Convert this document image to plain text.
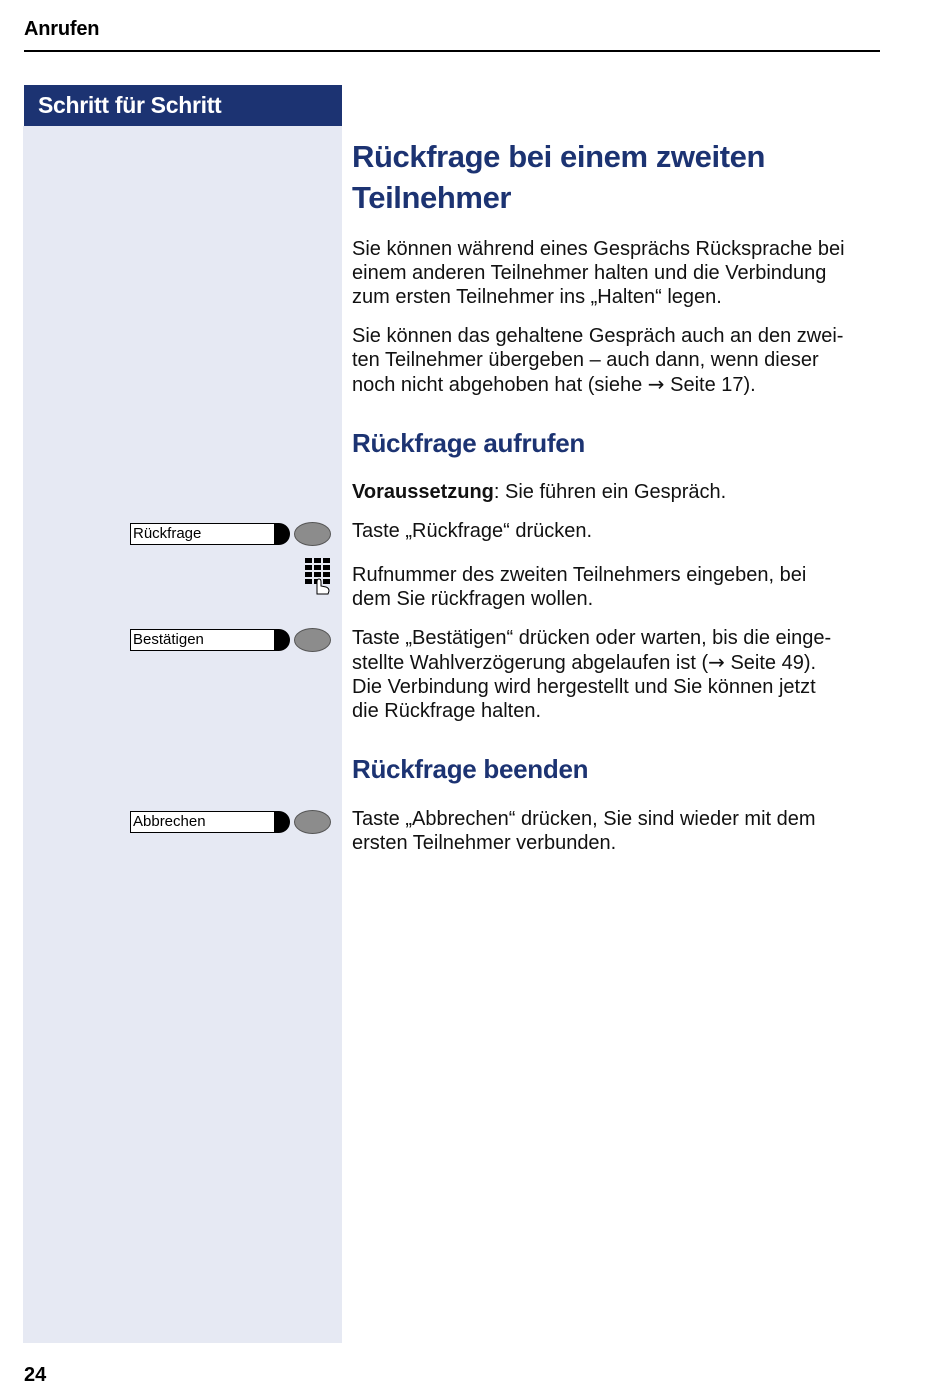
Anrufen
Schritt für Schritt
Rückfrage bei einem zweiten
Teilnehmer

Sie können während eines Gesprächs Rücksprache bei
einem anderen Teilnehmer halten und die Verbindung
zum ersten Teilnehmer ins „Halten“ legen.

Sie können das gehaltene Gespräch auch an den zwei-
ten Teilnehmer übergeben – auch dann, wenn dieser
noch nicht abgehoben hat (siehe → Seite 17).

Rückfrage aufrufen

Voraussetzung: Sie führen ein Gespräch.

Rückfrage	Taste „Rückfrage“ drücken.

Rufnummer des zweiten Teilnehmers eingeben, bei
dem Sie rückfragen wollen.

Bestätigen	Taste „Bestätigen“ drücken oder warten, bis die einge-
stellte Wahlverzögerung abgelaufen ist (→ Seite 49).
Die Verbindung wird hergestellt und Sie können jetzt
die Rückfrage halten.

Rückfrage beenden
Abbrechen	Taste „Abbrechen“ drücken, Sie sind wieder mit dem
ersten Teilnehmer verbunden.

24
